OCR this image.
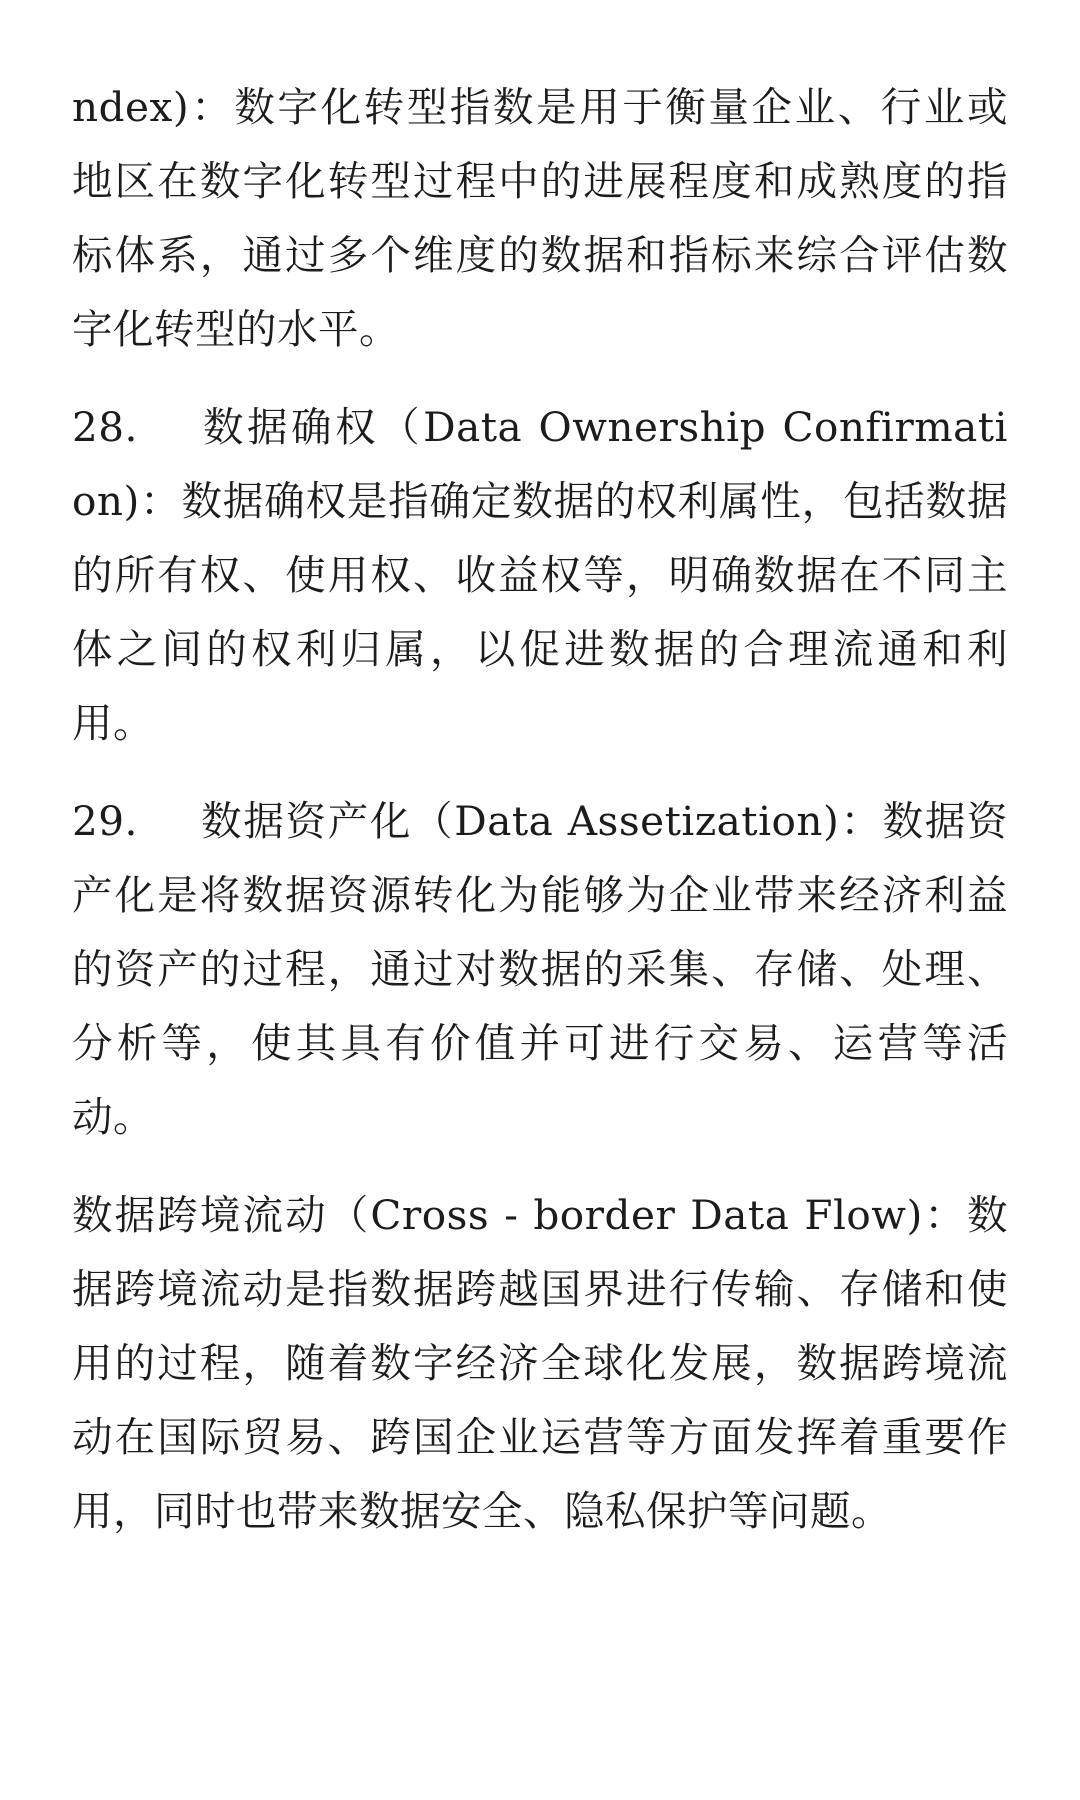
ndex)：数字化转型指数是用于衡量企业、行业或地区在数字化转型过程中的进展程度和成熟度的指标体系，通过多个维度的数据和指标来综合评估数字化转型的水平。

28. 数据确权（Data Ownership Confirmation)：数据确权是指确定数据的权利属性，包括数据的所有权、使用权、收益权等，明确数据在不同主体之间的权利归属，以促进数据的合理流通和利用。

29. 数据资产化（Data Assetization)：数据资产化是将数据资源转化为能够为企业带来经济利益的资产的过程，通过对数据的采集、存储、处理、分析等，使其具有价值并可进行交易、运营等活动。

数据跨境流动（Cross - border Data Flow)：数据跨境流动是指数据跨越国界进行传输、存储和使用的过程，随着数字经济全球化发展，数据跨境流动在国际贸易、跨国企业运营等方面发挥着重要作用，同时也带来数据安全、隐私保护等问题。
